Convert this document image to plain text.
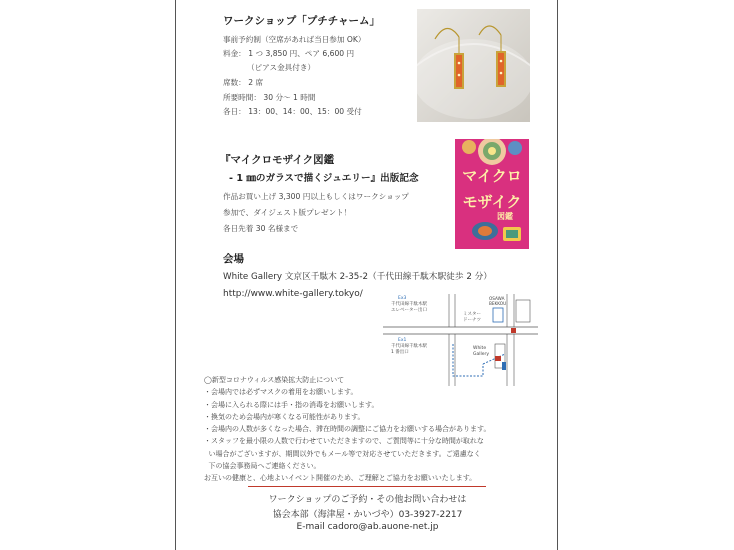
ワークショップ「プチチャーム」
事前予約制（空席があれば当日参加 OK）
料金： 1 つ 3,850 円、ペア 6,600 円
（ピアス金具付き）
席数： 2 席
所要時間： 30 分〜 1 時間
各日： 13：00、14：00、15：00 受付
『マイクロモザイク図鑑
- 1 ㎜のガラスで描くジュエリー』出版記念
作品お買い上げ 3,300 円以上もしくはワークショップ
参加で、ダイジェスト版プレゼント！
各日先着 30 名様まで
マイクロ
モザイク
図鑑
会場
White Gallery 文京区千駄木 2-35-2（千代田線千駄木駅徒歩 2 分）
http://www.white-gallery.tokyo/	Ex3
千代田線千駄木駅
エレベーター出口
Ex1
千代田線千駄木駅
1 番出口
ミスター
ドーナツ
OSAWA
BEKKOU
White
Gallery
◯新型コロナウィルス感染拡大防止について
・会場内では必ずマスクの着用をお願いします。
・会場に入られる際には手・指の消毒をお願いします。
・換気のため会場内が寒くなる可能性があります。
・会場内の人数が多くなった場合、滞在時間の調整にご協力をお願いする場合があります。
・スタッフを最小限の人数で行わせていただきますので、ご質問等に十分な時間が取れな
い場合がございますが、期間以外でもメール等で対応させていただきます。ご遠慮なく
下の協会事務局へご連絡ください。
お互いの健康と、心地よいイベント開催のため、ご理解とご協力をお願いいたします。
ワークショップのご予約・その他お問い合わせは
協会本部（海津屋・かいづや）03-3927-2217
E-mail cadoro@ab.auone-net.jp
